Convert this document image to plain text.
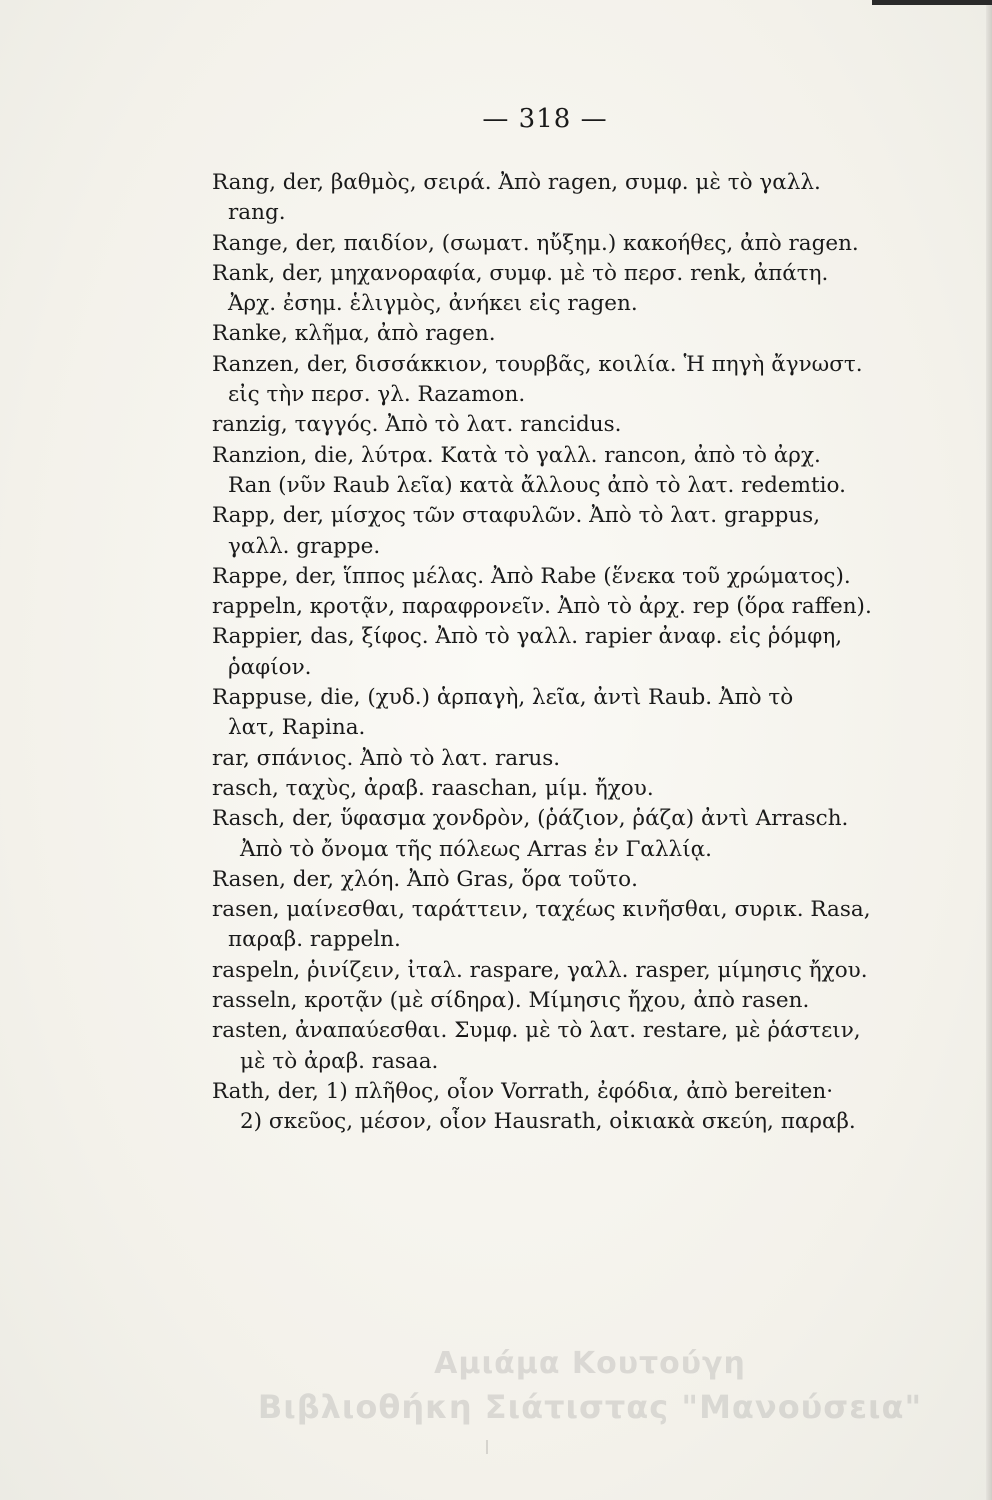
— 318 —
Rang, der, βαθμὸς, σειρά. Ἀπὸ ragen, συμφ. μὲ τὸ γαλλ.
rang.
Range, der, παιδίον, (σωματ. ηὔξημ.) κακοήθες, ἀπὸ ragen.
Rank, der, μηχανοραφία, συμφ. μὲ τὸ περσ. renk, ἀπάτη.
Ἀρχ. ἐσημ. ἑλιγμὸς, ἀνήκει εἰς ragen.
Ranke, κλῆμα, ἀπὸ ragen.
Ranzen, der, δισσάκκιον, τουρβᾶς, κοιλία. Ἡ πηγὴ ἄγνωστ.
εἰς τὴν περσ. γλ. Razamon.
ranzig, ταγγός. Ἀπὸ τὸ λατ. rancidus.
Ranzion, die, λύτρα. Κατὰ τὸ γαλλ. rancon, ἀπὸ τὸ ἀρχ.
Ran (νῦν Raub λεῖα) κατὰ ἄλλους ἀπὸ τὸ λατ. redemtio.
Rapp, der, μίσχος τῶν σταφυλῶν. Ἀπὸ τὸ λατ. grappus,
γαλλ. grappe.
Rappe, der, ἵππος μέλας. Ἀπὸ Rabe (ἕνεκα τοῦ χρώματος).
rappeln, κροτᾷν, παραφρονεῖν. Ἀπὸ τὸ ἀρχ. rep (ὅρα raffen).
Rappier, das, ξίφος. Ἀπὸ τὸ γαλλ. rapier ἀναφ. εἰς ῥόμφη,
ῥαφίον.
Rappuse, die, (χυδ.) ἁρπαγὴ, λεῖα, ἀντὶ Raub. Ἀπὸ τὸ
λατ, Rapina.
rar, σπάνιος. Ἀπὸ τὸ λατ. rarus.
rasch, ταχὺς, ἀραβ. raaschan, μίμ. ἤχου.
Rasch, der, ὕφασμα χονδρὸν, (ῥάζιον, ῥάζα) ἀντὶ Arrasch.
Ἀπὸ τὸ ὄνομα τῆς πόλεως Arras ἐν Γαλλίᾳ.
Rasen, der, χλόη. Ἀπὸ Gras, ὅρα τοῦτο.
rasen, μαίνεσθαι, ταράττειν, ταχέως κινῆσθαι, συρικ. Rasa,
παραβ. rappeln.
raspeln, ῥινίζειν, ἰταλ. raspare, γαλλ. rasper, μίμησις ἤχου.
rasseln, κροτᾷν (μὲ σίδηρα). Μίμησις ἤχου, ἀπὸ rasen.
rasten, ἀναπαύεσθαι. Συμφ. μὲ τὸ λατ. restare, μὲ ῥάστειν,
μὲ τὸ ἀραβ. rasaa.
Rath, der, 1) πλῆθος, οἷον Vorrath, ἐφόδια, ἀπὸ bereiten·
2) σκεῦος, μέσον, οἷον Hausrath, οἰκιακὰ σκεύη, παραβ.
Αμιάμα Κουτούγη
Βιβλιοθήκη Σιάτιστας "Μανούσεια"
